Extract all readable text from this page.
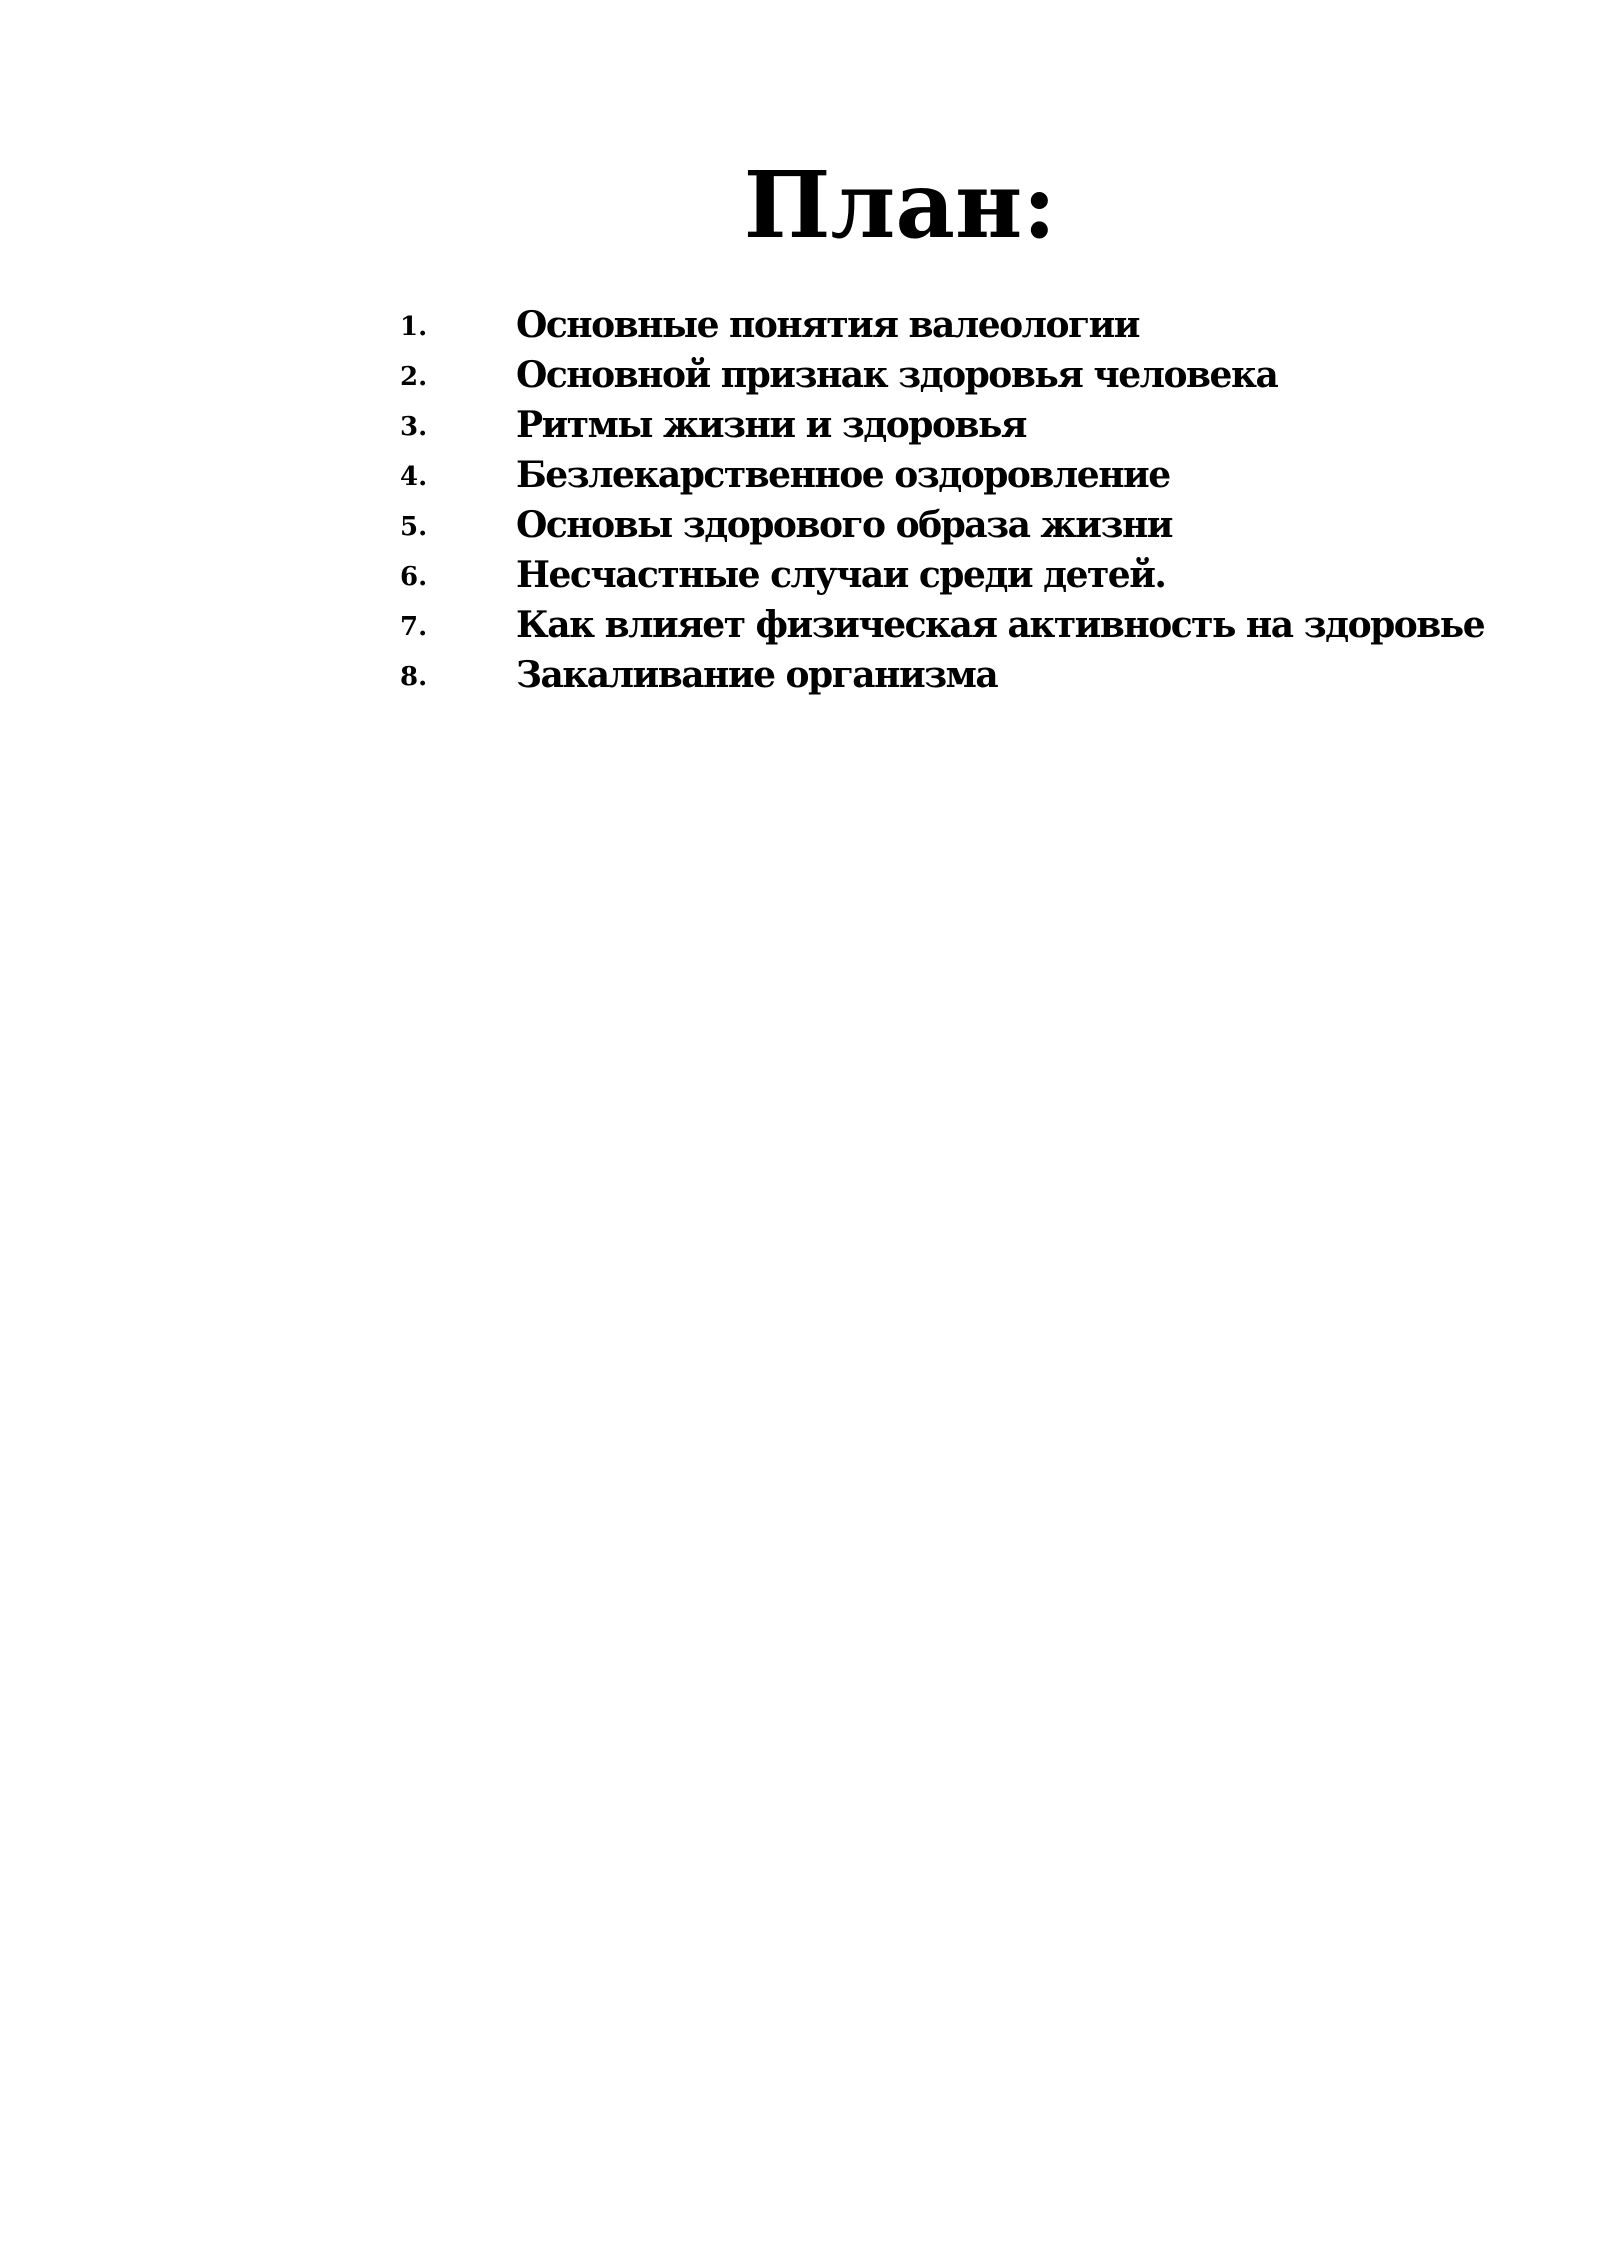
План:
1. Основные понятия валеологии
2. Основной признак здоровья человека
3. Ритмы жизни и здоровья
4. Безлекарственное оздоровление
5. Основы здорового образа жизни
6. Несчастные случаи среди детей.
7. Как влияет физическая активность на здоровье
8. Закаливание организма
